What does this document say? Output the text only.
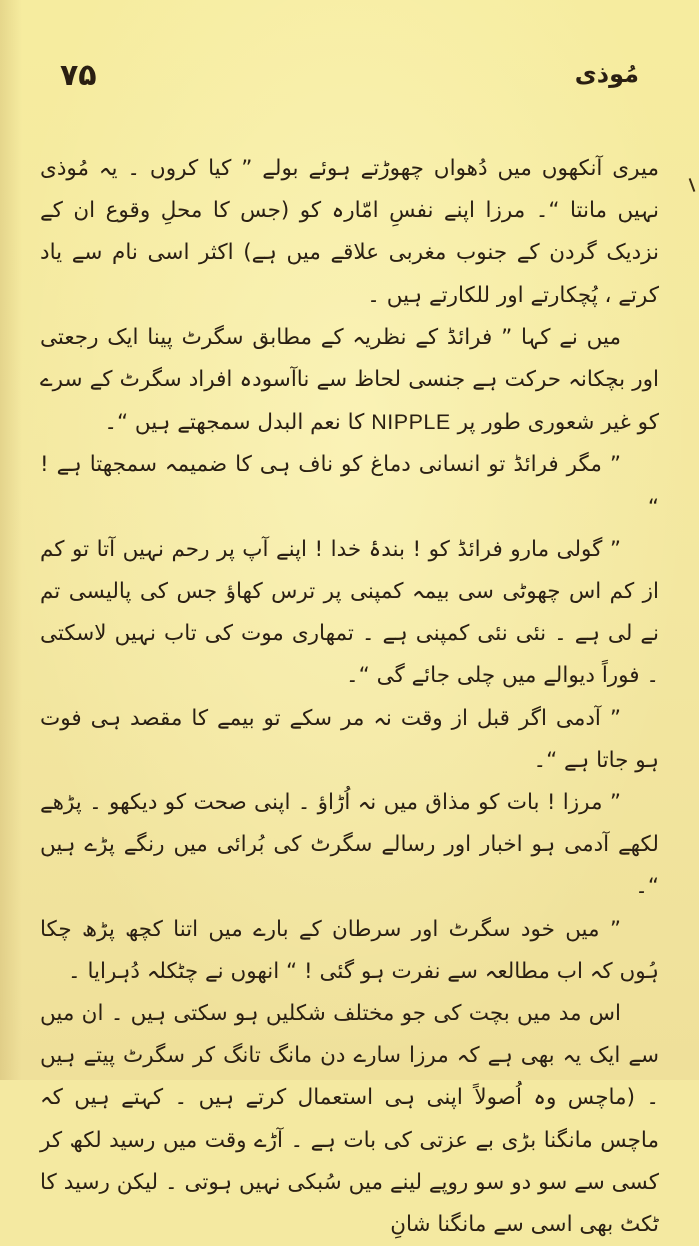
۷۵	مُوذی

میری آنکھوں میں دُھواں چھوڑتے ہوئے بولے ” کیا کروں ۔ یہ مُوذی نہیں مانتا “۔ مرزا اپنے نفسِ امّارہ کو (جس کا محلِ وقوع ان کے نزدیک گردن کے جنوب مغربی علاقے میں ہے) اکثر اسی نام سے یاد کرتے ، پُچکارتے اور للکارتے ہیں ۔

میں نے کہا ” فرائڈ کے نظریہ کے مطابق سگرٹ پینا ایک رجعتی اور بچکانہ حرکت ہے جنسی لحاظ سے ناآسودہ افراد سگرٹ کے سرے کو غیر شعوری طور پر NIPPLE کا نعم البدل سمجھتے ہیں “۔

” مگر فرائڈ تو انسانی دماغ کو ناف ہی کا ضمیمہ سمجھتا ہے ! “

” گولی مارو فرائڈ کو ! بندۂ خدا ! اپنے آپ پر رحم نہیں آتا تو کم از کم اس چھوٹی سی بیمہ کمپنی پر ترس کھاؤ جس کی پالیسی تم نے لی ہے ۔ نئی نئی کمپنی ہے ۔ تمھاری موت کی تاب نہیں لاسکتی ۔ فوراً دیوالے میں چلی جائے گی “۔

” آدمی اگر قبل از وقت نہ مر سکے تو بیمے کا مقصد ہی فوت ہو جاتا ہے “۔

” مرزا ! بات کو مذاق میں نہ اُڑاؤ ۔ اپنی صحت کو دیکھو ۔ پڑھے لکھے آدمی ہو اخبار اور رسالے سگرٹ کی بُرائی میں رنگے پڑے ہیں “۔

” میں خود سگرٹ اور سرطان کے بارے میں اتنا کچھ پڑھ چکا ہُوں کہ اب مطالعہ سے نفرت ہو گئی ! “ انھوں نے چٹکلہ دُہرایا ۔

اس مد میں بچت کی جو مختلف شکلیں ہو سکتی ہیں ۔ ان میں سے ایک یہ بھی ہے کہ مرزا سارے دن مانگ تانگ کر سگرٹ پیتے ہیں ۔ (ماچس وہ اُصولاً اپنی ہی استعمال کرتے ہیں ۔ کہتے ہیں کہ ماچس مانگنا بڑی بے عزتی کی بات ہے ۔ آڑے وقت میں رسید لکھ کر کسی سے سو دو سو روپے لینے میں سُبکی نہیں ہوتی ۔ لیکن رسید کا ٹکٹ بھی اسی سے مانگنا شانِ
